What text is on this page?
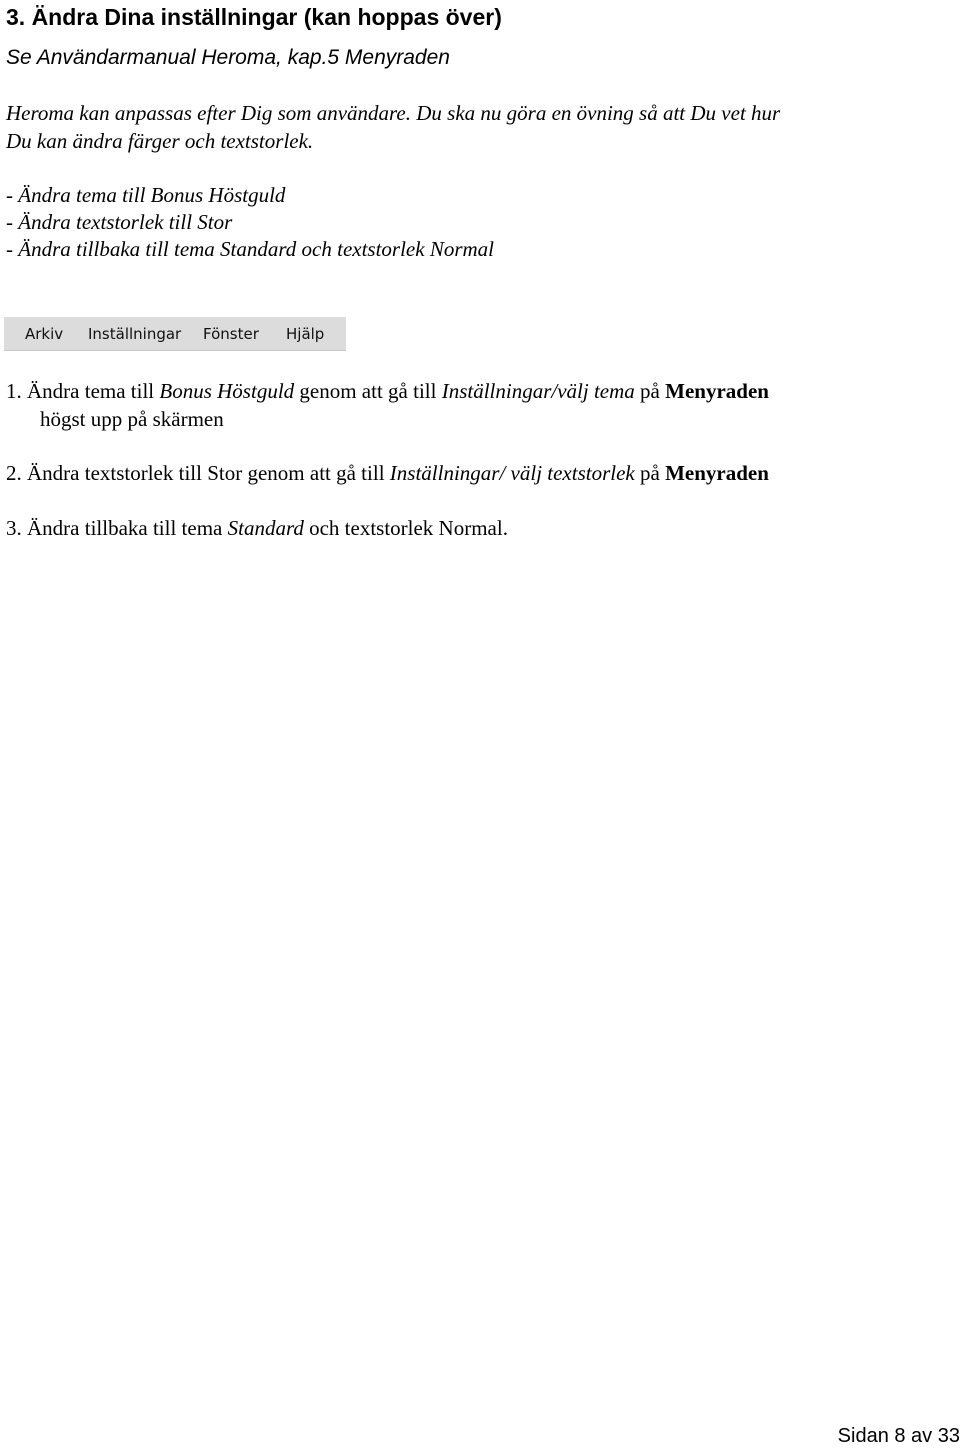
3. Ändra Dina inställningar (kan hoppas över)
Se Användarmanual Heroma, kap.5 Menyraden
Heroma kan anpassas efter Dig som användare. Du ska nu göra en övning så att Du vet hur
Du kan ändra färger och textstorlek.
- Ändra tema till Bonus Höstguld
- Ändra textstorlek till Stor
- Ändra tillbaka till tema Standard och textstorlek Normal
Arkiv Inställningar Fönster Hjälp
1. Ändra tema till Bonus Höstguld genom att gå till Inställningar/välj tema på Menyraden
högst upp på skärmen
2. Ändra textstorlek till Stor genom att gå till Inställningar/ välj textstorlek på Menyraden
3. Ändra tillbaka till tema Standard och textstorlek Normal.
Sidan 8 av 33
